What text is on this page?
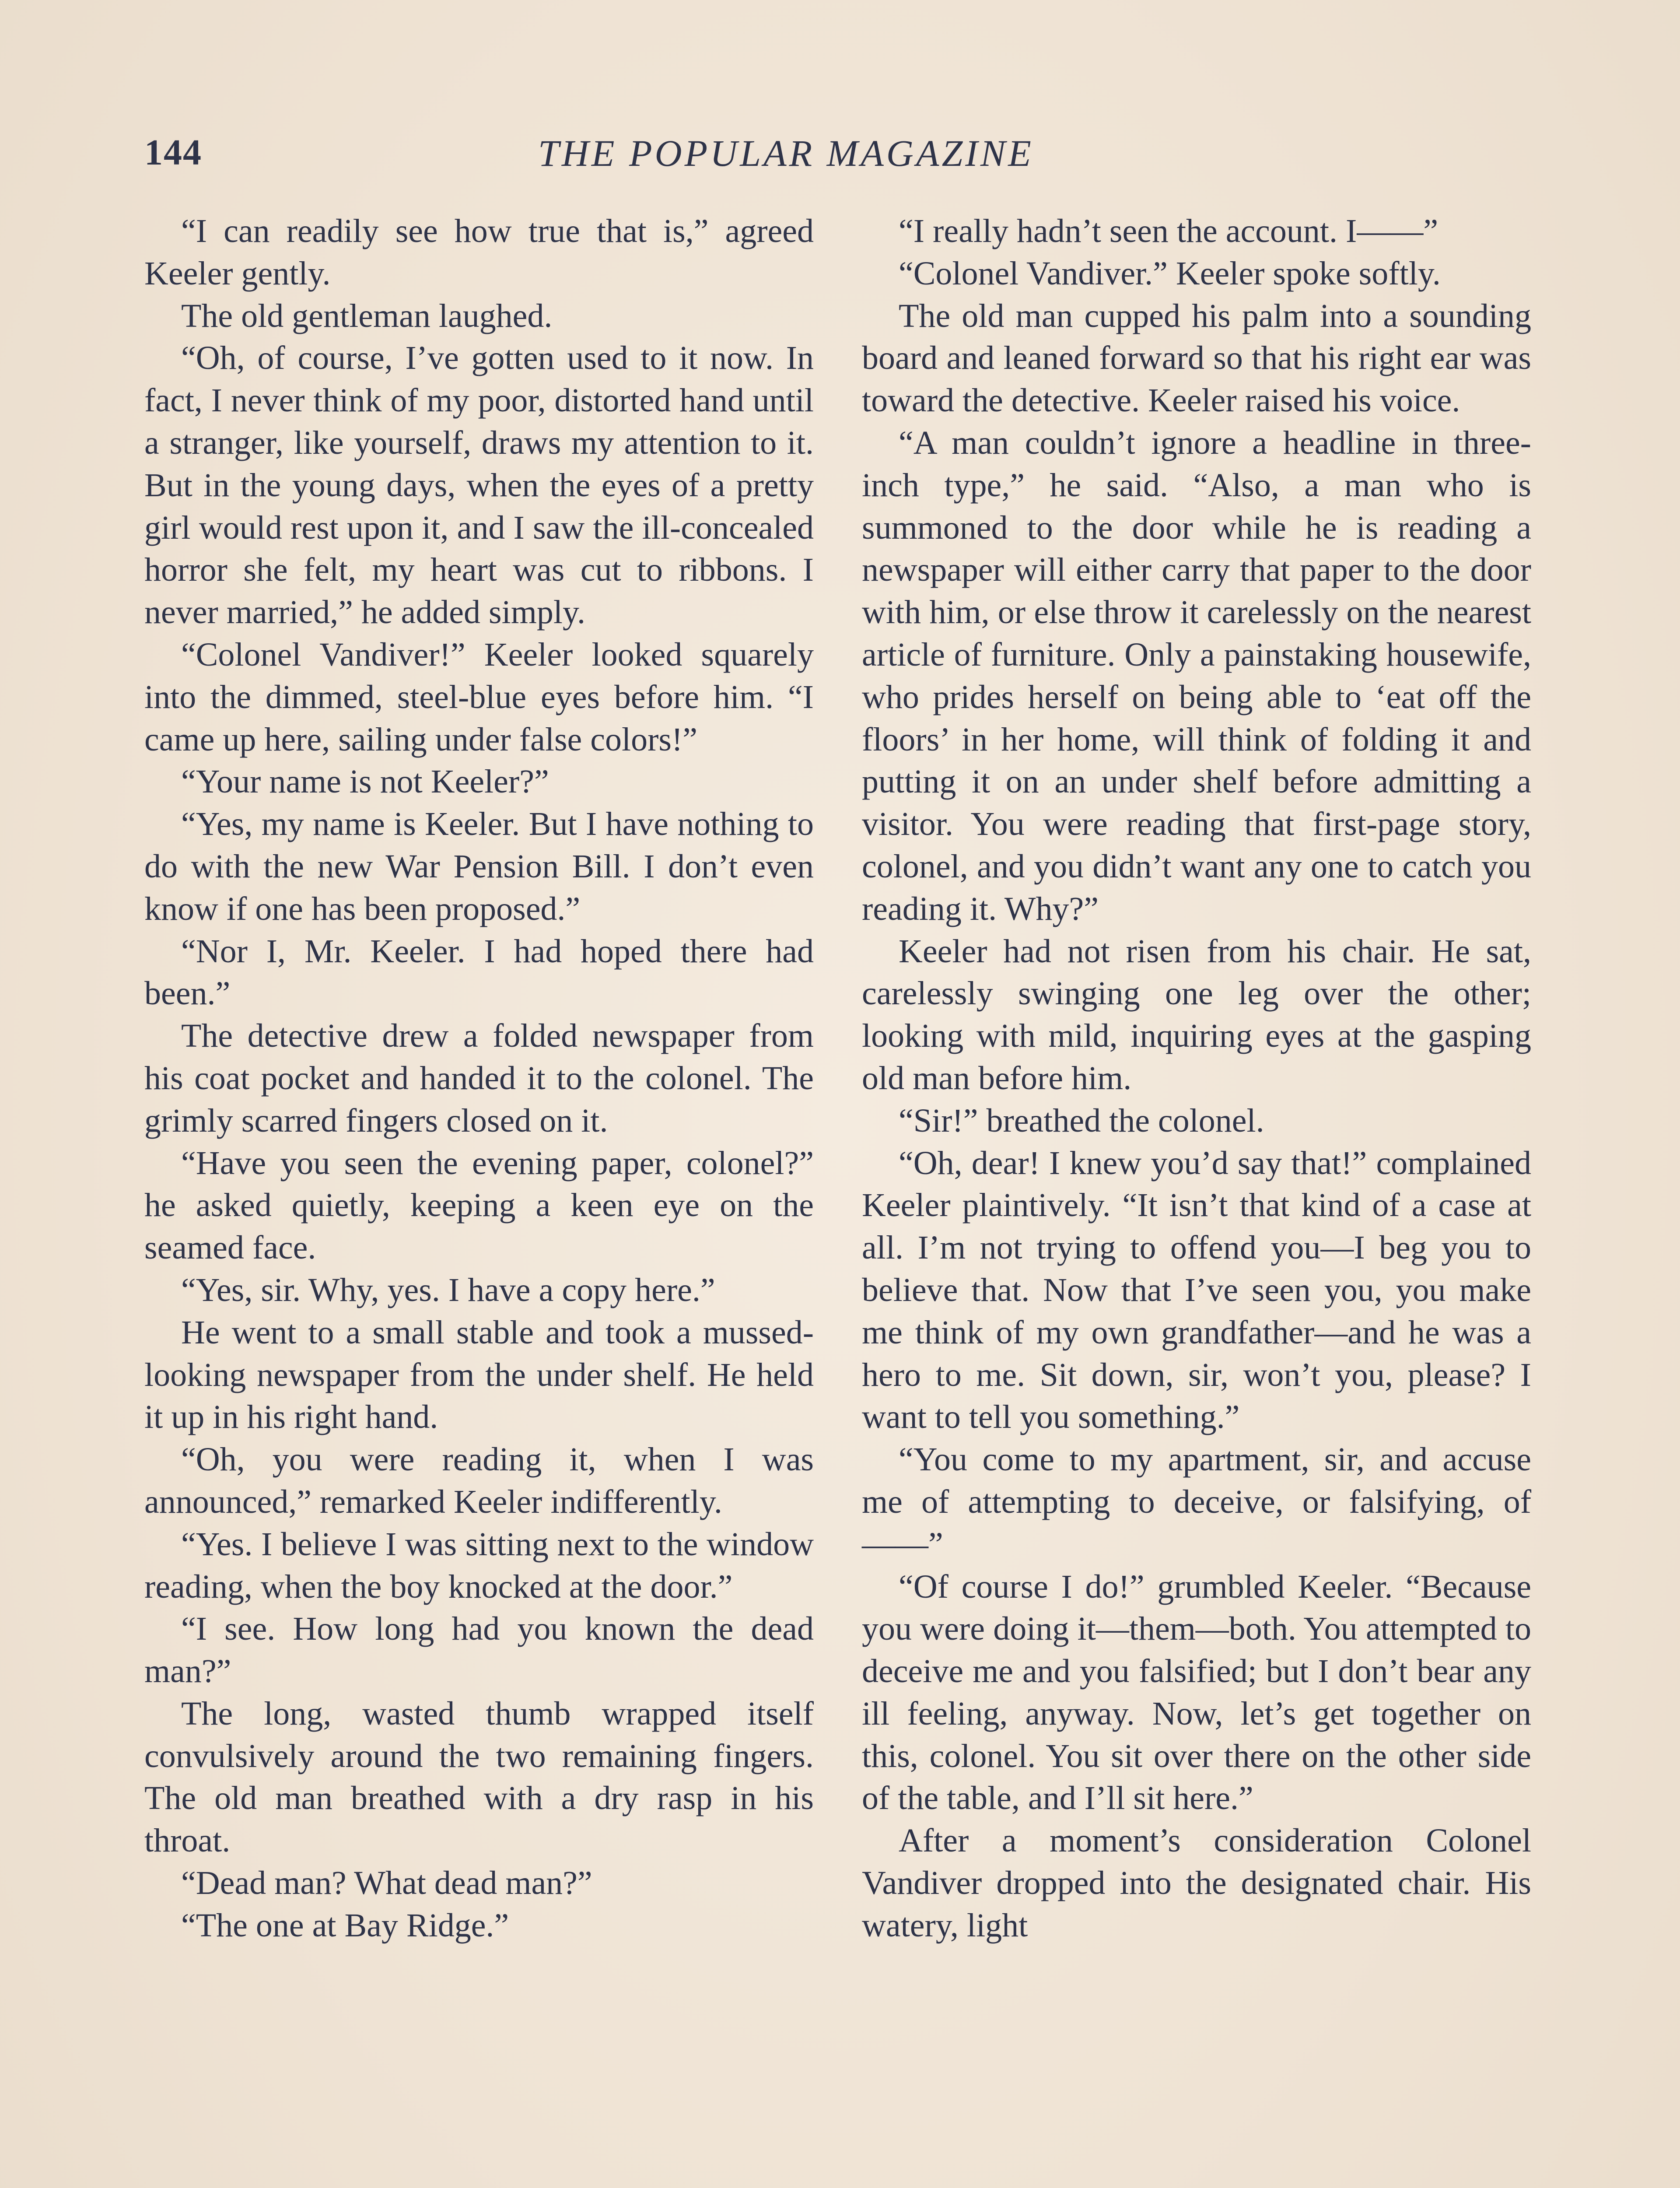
144	THE POPULAR MAGAZINE

“I can readily see how true that is,” agreed Keeler gently.

The old gentleman laughed.

“Oh, of course, I’ve gotten used to it now. In fact, I never think of my poor, distorted hand until a stranger, like yourself, draws my attention to it. But in the young days, when the eyes of a pretty girl would rest upon it, and I saw the ill-concealed horror she felt, my heart was cut to ribbons. I never married,” he added simply.

“Colonel Vandiver!” Keeler looked squarely into the dimmed, steel-blue eyes before him. “I came up here, sailing under false colors!”

“Your name is not Keeler?”

“Yes, my name is Keeler. But I have nothing to do with the new War Pension Bill. I don’t even know if one has been proposed.”

“Nor I, Mr. Keeler. I had hoped there had been.”

The detective drew a folded newspaper from his coat pocket and handed it to the colonel. The grimly scarred fingers closed on it.

“Have you seen the evening paper, colonel?” he asked quietly, keeping a keen eye on the seamed face.

“Yes, sir. Why, yes. I have a copy here.”

He went to a small stable and took a mussed-looking newspaper from the under shelf. He held it up in his right hand.

“Oh, you were reading it, when I was announced,” remarked Keeler indifferently.

“Yes. I believe I was sitting next to the window reading, when the boy knocked at the door.”

“I see. How long had you known the dead man?”

The long, wasted thumb wrapped itself convulsively around the two remaining fingers. The old man breathed with a dry rasp in his throat.

“Dead man? What dead man?”

“The one at Bay Ridge.”

“I really hadn’t seen the account. I——”

“Colonel Vandiver.” Keeler spoke softly.

The old man cupped his palm into a sounding board and leaned forward so that his right ear was toward the detective. Keeler raised his voice.

“A man couldn’t ignore a headline in three-inch type,” he said. “Also, a man who is summoned to the door while he is reading a newspaper will either carry that paper to the door with him, or else throw it carelessly on the nearest article of furniture. Only a painstaking housewife, who prides herself on being able to ‘eat off the floors’ in her home, will think of folding it and putting it on an under shelf before admitting a visitor. You were reading that first-page story, colonel, and you didn’t want any one to catch you reading it. Why?”

Keeler had not risen from his chair. He sat, carelessly swinging one leg over the other; looking with mild, inquiring eyes at the gasping old man before him.

“Sir!” breathed the colonel.

“Oh, dear! I knew you’d say that!” complained Keeler plaintively. “It isn’t that kind of a case at all. I’m not trying to offend you—I beg you to believe that. Now that I’ve seen you, you make me think of my own grandfather—and he was a hero to me. Sit down, sir, won’t you, please? I want to tell you something.”

“You come to my apartment, sir, and accuse me of attempting to deceive, or falsifying, of——”

“Of course I do!” grumbled Keeler. “Because you were doing it—them—both. You attempted to deceive me and you falsified; but I don’t bear any ill feeling, anyway. Now, let’s get together on this, colonel. You sit over there on the other side of the table, and I’ll sit here.”

After a moment’s consideration Colonel Vandiver dropped into the designated chair. His watery, light
